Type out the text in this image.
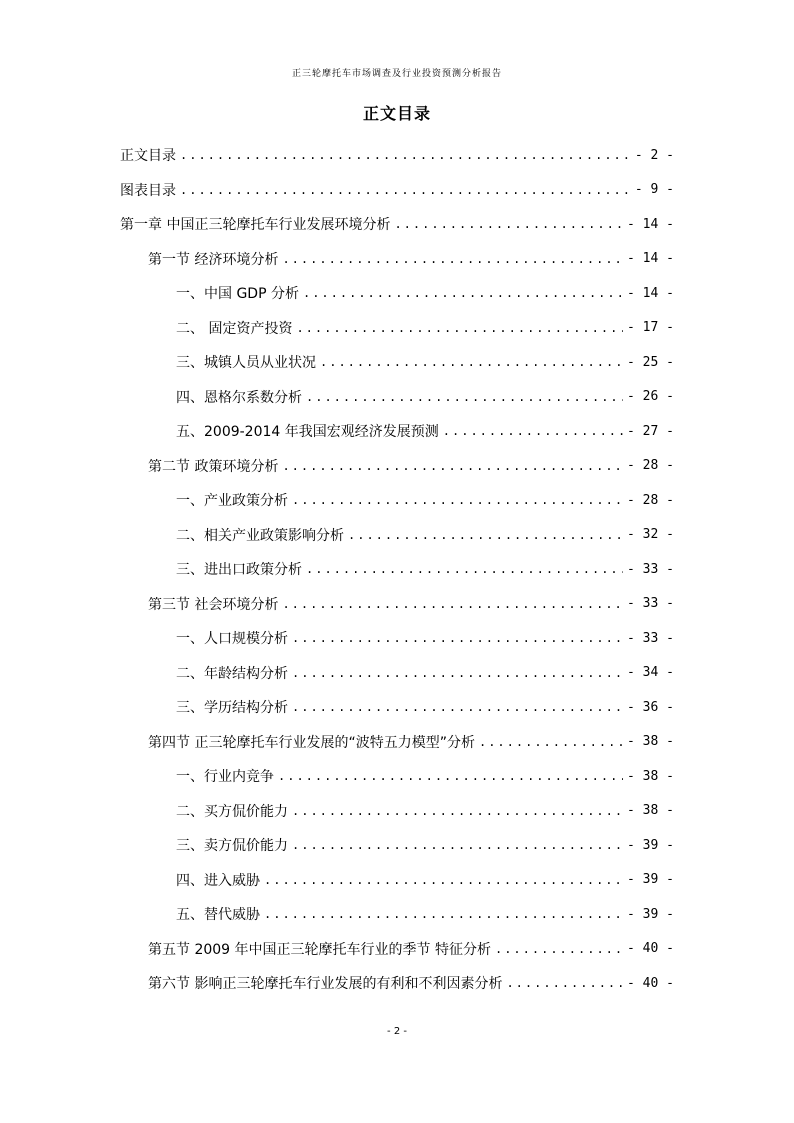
正三轮摩托车市场调查及行业投资预测分析报告
正文目录
正文目录 .....	- 2 -
图表目录 .....	- 9 -
第一章 中国正三轮摩托车行业发展环境分析 .....	- 14 -
第一节 经济环境分析 .....	- 14 -
一、中国 GDP 分析 .....	- 14 -
二、 固定资产投资 .....	- 17 -
三、城镇人员从业状况 .....	- 25 -
四、恩格尔系数分析 .....	- 26 -
五、2009-2014 年我国宏观经济发展预测 .....	- 27 -
第二节 政策环境分析 .....	- 28 -
一、产业政策分析 .....	- 28 -
二、相关产业政策影响分析 .....	- 32 -
三、进出口政策分析 .....	- 33 -
第三节 社会环境分析 .....	- 33 -
一、人口规模分析 .....	- 33 -
二、年龄结构分析 .....	- 34 -
三、学历结构分析 .....	- 36 -
第四节 正三轮摩托车行业发展的“波特五力模型”分析 .....	- 38 -
一、行业内竞争 .....	- 38 -
二、买方侃价能力 .....	- 38 -
三、卖方侃价能力 .....	- 39 -
四、进入威胁 .....	- 39 -
五、替代威胁 .....	- 39 -
第五节 2009 年中国正三轮摩托车行业的季节 特征分析 .....	- 40 -
第六节 影响正三轮摩托车行业发展的有利和不利因素分析 .....	- 40 -
- 2 -
